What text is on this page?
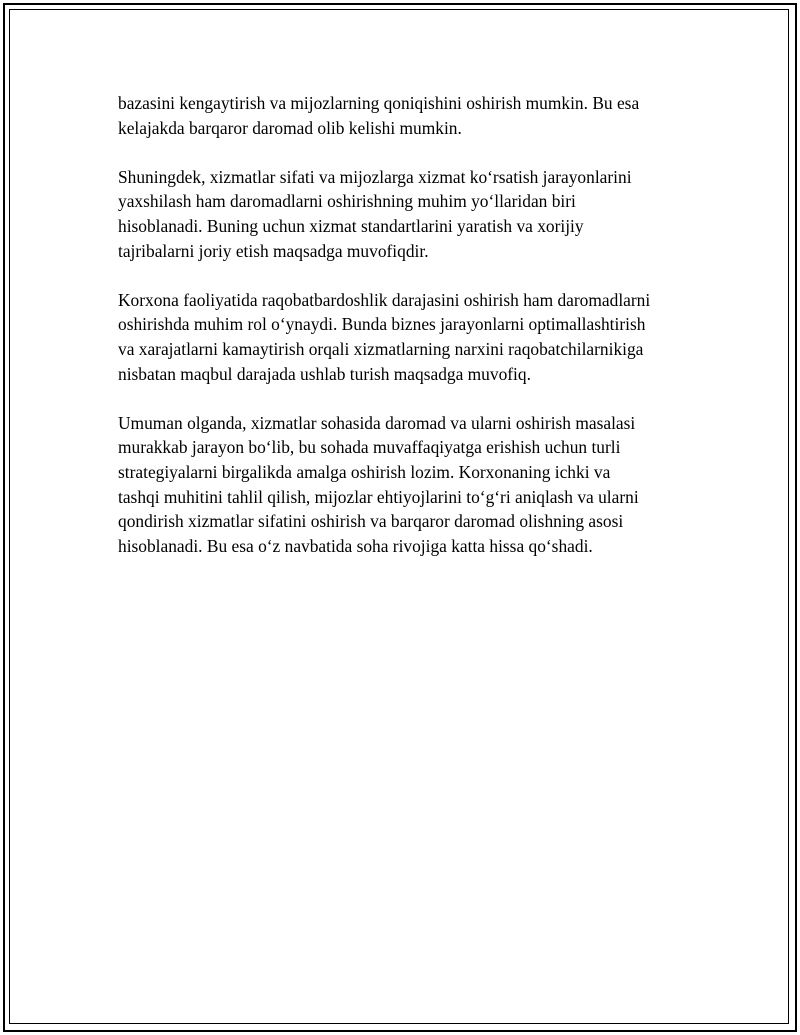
bazasini kengaytirish va mijozlarning qoniqishini oshirish mumkin. Bu esa
kelajakda barqaror daromad olib kelishi mumkin.

Shuningdek, xizmatlar sifati va mijozlarga xizmat koʻrsatish jarayonlarini
yaxshilash ham daromadlarni oshirishning muhim yoʻllaridan biri
hisoblanadi. Buning uchun xizmat standartlarini yaratish va xorijiy
tajribalarni joriy etish maqsadga muvofiqdir.

Korxona faoliyatida raqobatbardoshlik darajasini oshirish ham daromadlarni
oshirishda muhim rol oʻynaydi. Bunda biznes jarayonlarni optimallashtirish
va xarajatlarni kamaytirish orqali xizmatlarning narxini raqobatchilarnikiga
nisbatan maqbul darajada ushlab turish maqsadga muvofiq.

Umuman olganda, xizmatlar sohasida daromad va ularni oshirish masalasi
murakkab jarayon boʻlib, bu sohada muvaffaqiyatga erishish uchun turli
strategiyalarni birgalikda amalga oshirish lozim. Korxonaning ichki va
tashqi muhitini tahlil qilish, mijozlar ehtiyojlarini toʻgʻri aniqlash va ularni
qondirish xizmatlar sifatini oshirish va barqaror daromad olishning asosi
hisoblanadi. Bu esa oʻz navbatida soha rivojiga katta hissa qoʻshadi.
